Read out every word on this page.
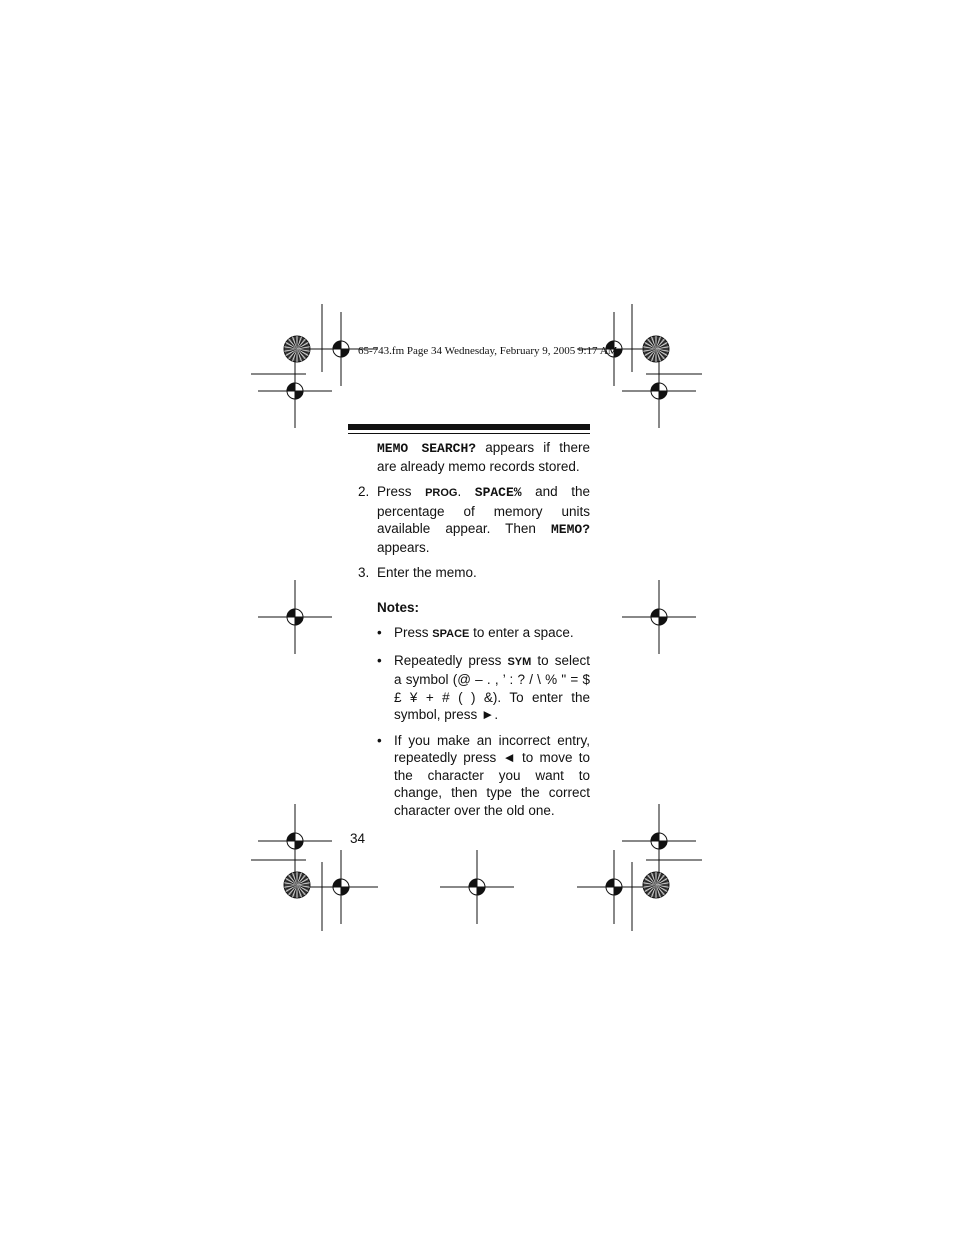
65-743.fm Page 34 Wednesday, February 9, 2005 9:17 AM

MEMO SEARCH? appears if there are already memo records stored.

2. Press PROG. SPACE% and the percentage of memory units available appear. Then MEMO? appears.
3. Enter the memo.
Notes:
• Press SPACE to enter a space.
• Repeatedly press SYM to select a symbol (@ – . , ’ : ? / \ % " = $ £ ¥ + # ( ) &). To enter the symbol, press ►.
• If you make an incorrect entry, repeatedly press ◄ to move to the character you want to change, then type the correct character over the old one.
34
